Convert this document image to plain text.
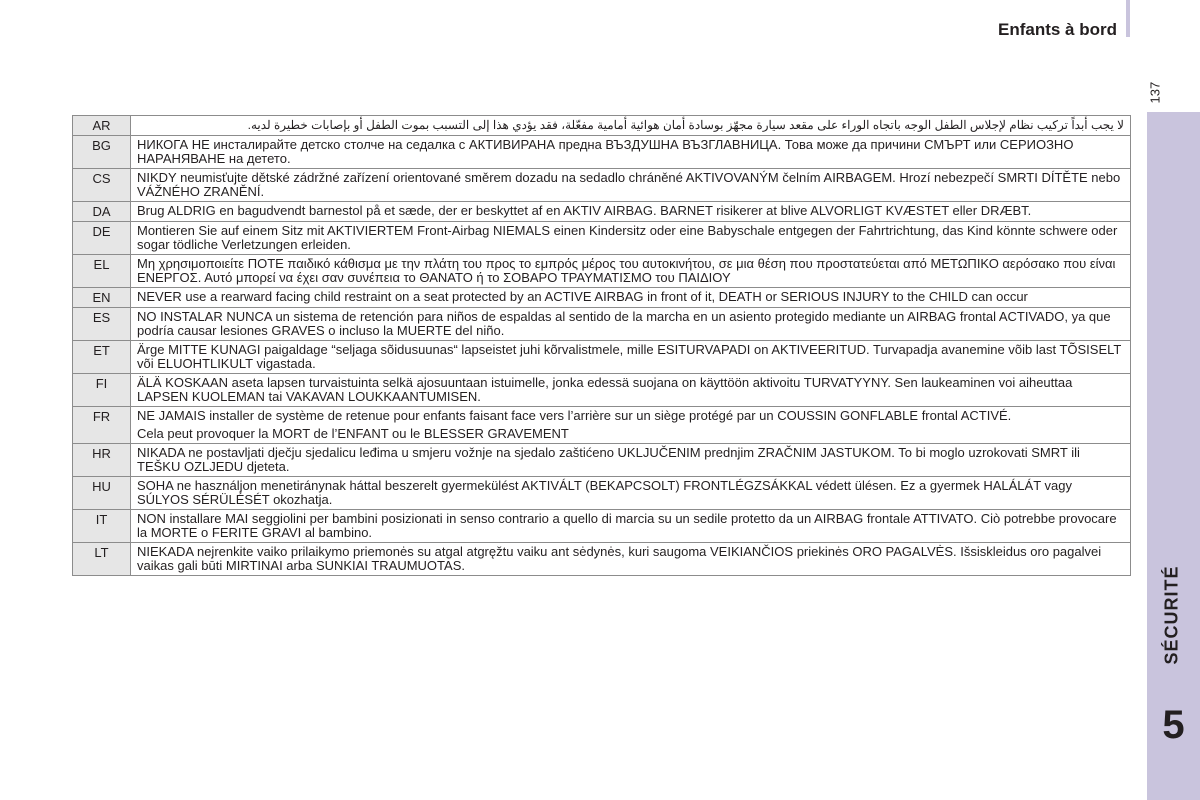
Enfants à bord
137
SÉCURITÉ
5
AR	لا يجب أبداً تركيب نظام لإجلاس الطفل الوجه باتجاه الوراء على مقعد سيارة مجهّز بوسادة أمان هوائية أمامية مفعّلة، فقد يؤدي هذا إلى التسبب بموت الطفل أو بإصابات خطيرة لديه.

BG	НИКОГА НЕ инсталирайте детско столче на седалка с АКТИВИРАНА предна ВЪЗДУШНА ВЪЗГЛАВНИЦА. Това може да причини СМЪРТ или СЕРИОЗНО НАРАНЯВАНЕ на детето.

CS	NIKDY neumisťujte dětské zádržné zařízení orientované směrem dozadu na sedadlo chráněné AKTIVOVANÝM čelním AIRBAGEM. Hrozí nebezpečí SMRTI DÍTĚTE nebo VÁŽNÉHO ZRANĚNÍ.

DA	Brug ALDRIG en bagudvendt barnestol på et sæde, der er beskyttet af en AKTIV AIRBAG. BARNET risikerer at blive ALVORLIGT KVÆSTET eller DRÆBT.

DE	Montieren Sie auf einem Sitz mit AKTIVIERTEM Front-Airbag NIEMALS einen Kindersitz oder eine Babyschale entgegen der Fahrtrichtung, das Kind könnte schwere oder sogar tödliche Verletzungen erleiden.

EL	Μη χρησιμοποιείτε ΠΟΤΕ παιδικό κάθισμα με την πλάτη του προς το εμπρός μέρος του αυτοκινήτου, σε μια θέση που προστατεύεται από ΜΕΤΩΠΙΚΟ αερόσακο που είναι ΕΝΕΡΓΟΣ. Αυτό μπορεί να έχει σαν συνέπεια το ΘΑΝΑΤΟ ή το ΣΟΒΑΡΟ ΤΡΑΥΜΑΤΙΣΜΟ του ΠΑΙΔΙΟΥ

EN	NEVER use a rearward facing child restraint on a seat protected by an ACTIVE AIRBAG in front of it, DEATH or SERIOUS INJURY to the CHILD can occur

ES	NO INSTALAR NUNCA un sistema de retención para niños de espaldas al sentido de la marcha en un asiento protegido mediante un AIRBAG frontal ACTIVADO, ya que podría causar lesiones GRAVES o incluso la MUERTE del niño.

ET	Ärge MITTE KUNAGI paigaldage “seljaga sõidusuunas“ lapseistet juhi kõrvalistmele, mille ESITURVAPADI on AKTIVEERITUD. Turvapadja avanemine võib last TÕSISELT või ELUOHTLIKULT vigastada.

FI	ÄLÄ KOSKAAN aseta lapsen turvaistuinta selkä ajosuuntaan istuimelle, jonka edessä suojana on käyttöön aktivoitu TURVATYYNY. Sen laukeaminen voi aiheuttaa LAPSEN KUOLEMAN tai VAKAVAN LOUKKAANTUMISEN.

FR	NE JAMAIS installer de système de retenue pour enfants faisant face vers l’arrière sur un siège protégé par un COUSSIN GONFLABLE frontal ACTIVÉ.

Cela peut provoquer la MORT de l’ENFANT ou le BLESSER GRAVEMENT

HR	NIKADA ne postavljati dječju sjedalicu leđima u smjeru vožnje na sjedalo zaštićeno UKLJUČENIM prednjim ZRAČNIM JASTUKOM. To bi moglo uzrokovati SMRT ili TEŠKU OZLJEDU djeteta.

HU	SOHA ne használjon menetiránynak háttal beszerelt gyermekülést AKTIVÁLT (BEKAPCSOLT) FRONTLÉGZSÁKKAL védett ülésen. Ez a gyermek HALÁLÁT vagy SÚLYOS SÉRÜLÉSÉT okozhatja.

IT	NON installare MAI seggiolini per bambini posizionati in senso contrario a quello di marcia su un sedile protetto da un AIRBAG frontale ATTIVATO. Ciò potrebbe provocare la MORTE o FERITE GRAVI al bambino.

LT	NIEKADA nejrenkite vaiko prilaikymo priemonės su atgal atgręžtu vaiku ant sėdynės, kuri saugoma VEIKIANČIOS priekinės ORO PAGALVĖS. Išsiskleidus oro pagalvei vaikas gali būti MIRTINAI arba SUNKIAI TRAUMUOTAS.
